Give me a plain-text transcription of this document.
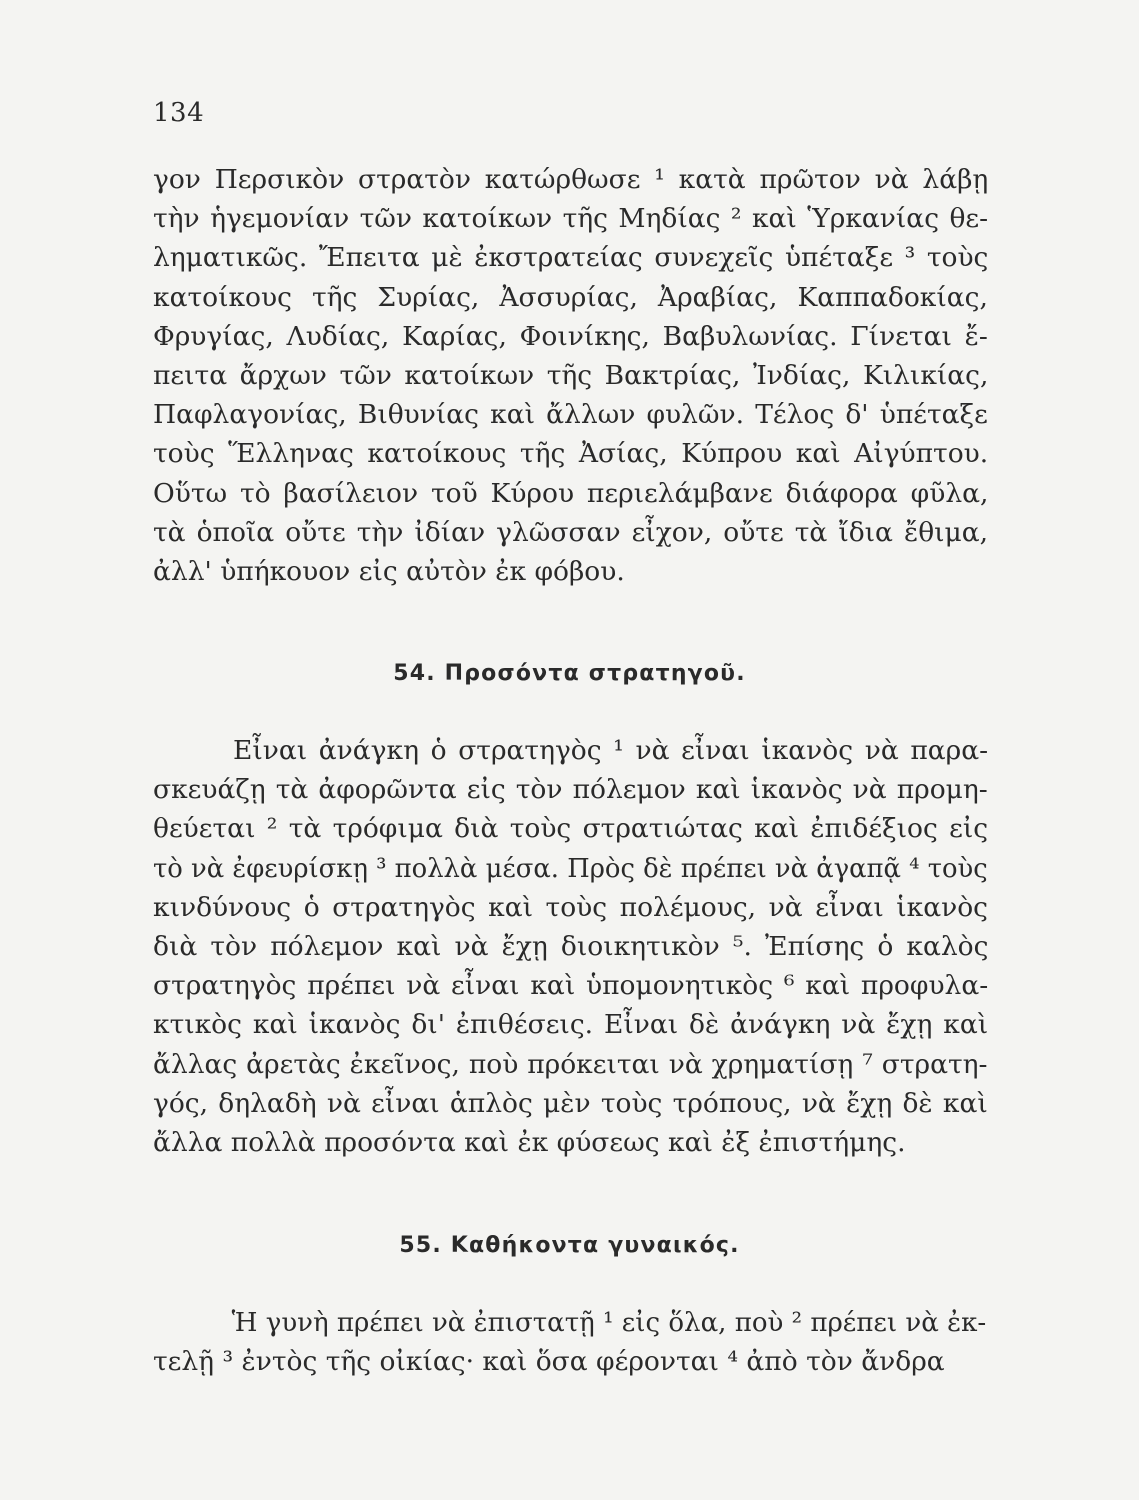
134
γον Περσικὸν στρατὸν κατώρθωσε ¹ κατὰ πρῶτον νὰ λάβῃ
τὴν ἡγεμονίαν τῶν κατοίκων τῆς Μηδίας ² καὶ Ὑρκανίας θε-
ληματικῶς. Ἔπειτα μὲ ἐκστρατείας συνεχεῖς ὑπέταξε ³ τοὺς
κατοίκους τῆς Συρίας, Ἀσσυρίας, Ἀραβίας, Καππαδοκίας,
Φρυγίας, Λυδίας, Καρίας, Φοινίκης, Βαβυλωνίας. Γίνεται ἔ-
πειτα ἄρχων τῶν κατοίκων τῆς Βακτρίας, Ἰνδίας, Κιλικίας,
Παφλαγονίας, Βιθυνίας καὶ ἄλλων φυλῶν. Τέλος δ' ὑπέταξε
τοὺς Ἕλληνας κατοίκους τῆς Ἀσίας, Κύπρου καὶ Αἰγύπτου.
Οὕτω τὸ βασίλειον τοῦ Κύρου περιελάμβανε διάφορα φῦλα,
τὰ ὁποῖα οὔτε τὴν ἰδίαν γλῶσσαν εἶχον, οὔτε τὰ ἴδια ἔθιμα,
ἀλλ' ὑπήκουον εἰς αὐτὸν ἐκ φόβου.
54. Προσόντα στρατηγοῦ.
Εἶναι ἀνάγκη ὁ στρατηγὸς ¹ νὰ εἶναι ἱκανὸς νὰ παρα-
σκευάζῃ τὰ ἀφορῶντα εἰς τὸν πόλεμον καὶ ἱκανὸς νὰ προμη-
θεύεται ² τὰ τρόφιμα διὰ τοὺς στρατιώτας καὶ ἐπιδέξιος εἰς
τὸ νὰ ἐφευρίσκῃ ³ πολλὰ μέσα. Πρὸς δὲ πρέπει νὰ ἀγαπᾷ ⁴ τοὺς
κινδύνους ὁ στρατηγὸς καὶ τοὺς πολέμους, νὰ εἶναι ἱκανὸς
διὰ τὸν πόλεμον καὶ νὰ ἔχῃ διοικητικὸν ⁵. Ἐπίσης ὁ καλὸς
στρατηγὸς πρέπει νὰ εἶναι καὶ ὑπομονητικὸς ⁶ καὶ προφυλα-
κτικὸς καὶ ἱκανὸς δι' ἐπιθέσεις. Εἶναι δὲ ἀνάγκη νὰ ἔχῃ καὶ
ἄλλας ἀρετὰς ἐκεῖνος, ποὺ πρόκειται νὰ χρηματίσῃ ⁷ στρατη-
γός, δηλαδὴ νὰ εἶναι ἁπλὸς μὲν τοὺς τρόπους, νὰ ἔχῃ δὲ καὶ
ἄλλα πολλὰ προσόντα καὶ ἐκ φύσεως καὶ ἐξ ἐπιστήμης.
55. Καθήκοντα γυναικός.
Ἡ γυνὴ πρέπει νὰ ἐπιστατῇ ¹ εἰς ὅλα, ποὺ ² πρέπει νὰ ἐκ-
τελῇ ³ ἐντὸς τῆς οἰκίας· καὶ ὅσα φέρονται ⁴ ἀπὸ τὸν ἄνδρα
